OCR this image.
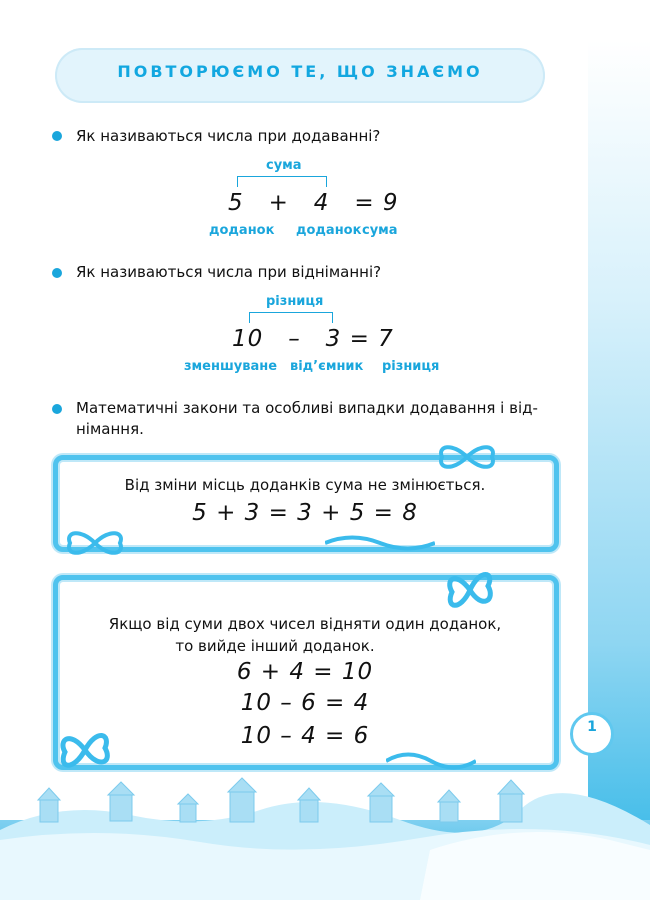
ПОВТОРЮЄМО ТЕ, ЩО ЗНАЄМО
Як називаються числа при додаванні?
сума
5   +   4   = 9
доданок доданок сума
Як називаються числа при відніманні?
різниця
10   –   3 = 7
зменшуване від’ємник різниця
Математичні закони та особливі випадки додавання і від-
німання.
Від зміни місць доданків сума не змінюється.
5 + 3 = 3 + 5 = 8
Якщо від суми двох чисел відняти один доданок,
то вийде інший доданок.
6 + 4 = 10
10 – 6 = 4
10 – 4 = 6	1
